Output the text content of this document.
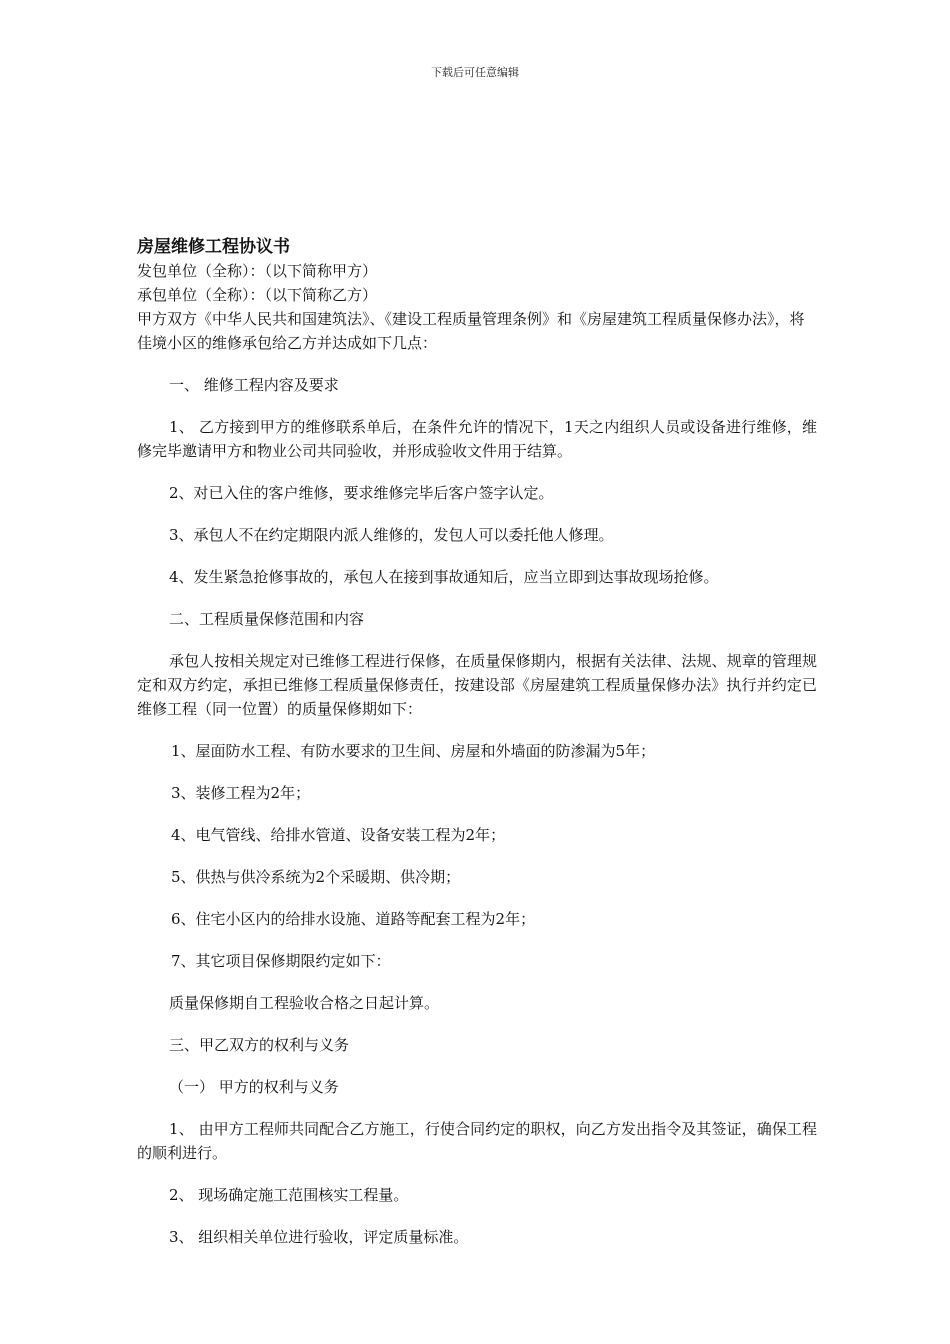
下载后可任意编辑

房屋维修工程协议书

发包单位（全称）：（以下简称甲方）

承包单位（全称）：（以下简称乙方）

甲方双方《中华人民共和国建筑法》、《建设工程质量管理条例》和《房屋建筑工程质量保修办法》，将佳境小区的维修承包给乙方并达成如下几点：

一、 维修工程内容及要求

1、 乙方接到甲方的维修联系单后，在条件允许的情况下，1天之内组织人员或设备进行维修，维修完毕邀请甲方和物业公司共同验收，并形成验收文件用于结算。

2、对已入住的客户维修，要求维修完毕后客户签字认定。

3、承包人不在约定期限内派人维修的，发包人可以委托他人修理。

4、发生紧急抢修事故的，承包人在接到事故通知后，应当立即到达事故现场抢修。

二、工程质量保修范围和内容

承包人按相关规定对已维修工程进行保修，在质量保修期内，根据有关法律、法规、规章的管理规定和双方约定，承担已维修工程质量保修责任，按建设部《房屋建筑工程质量保修办法》执行并约定已维修工程（同一位置）的质量保修期如下：

1、屋面防水工程、有防水要求的卫生间、房屋和外墙面的防渗漏为5年；

3、装修工程为2年；

4、电气管线、给排水管道、设备安装工程为2年；

5、供热与供冷系统为2个采暖期、供冷期；

6、住宅小区内的给排水设施、道路等配套工程为2年；

7、其它项目保修期限约定如下：

质量保修期自工程验收合格之日起计算。

三、甲乙双方的权利与义务

（一） 甲方的权利与义务

1、 由甲方工程师共同配合乙方施工，行使合同约定的职权，向乙方发出指令及其签证，确保工程的顺利进行。

2、 现场确定施工范围核实工程量。

3、 组织相关单位进行验收，评定质量标准。
